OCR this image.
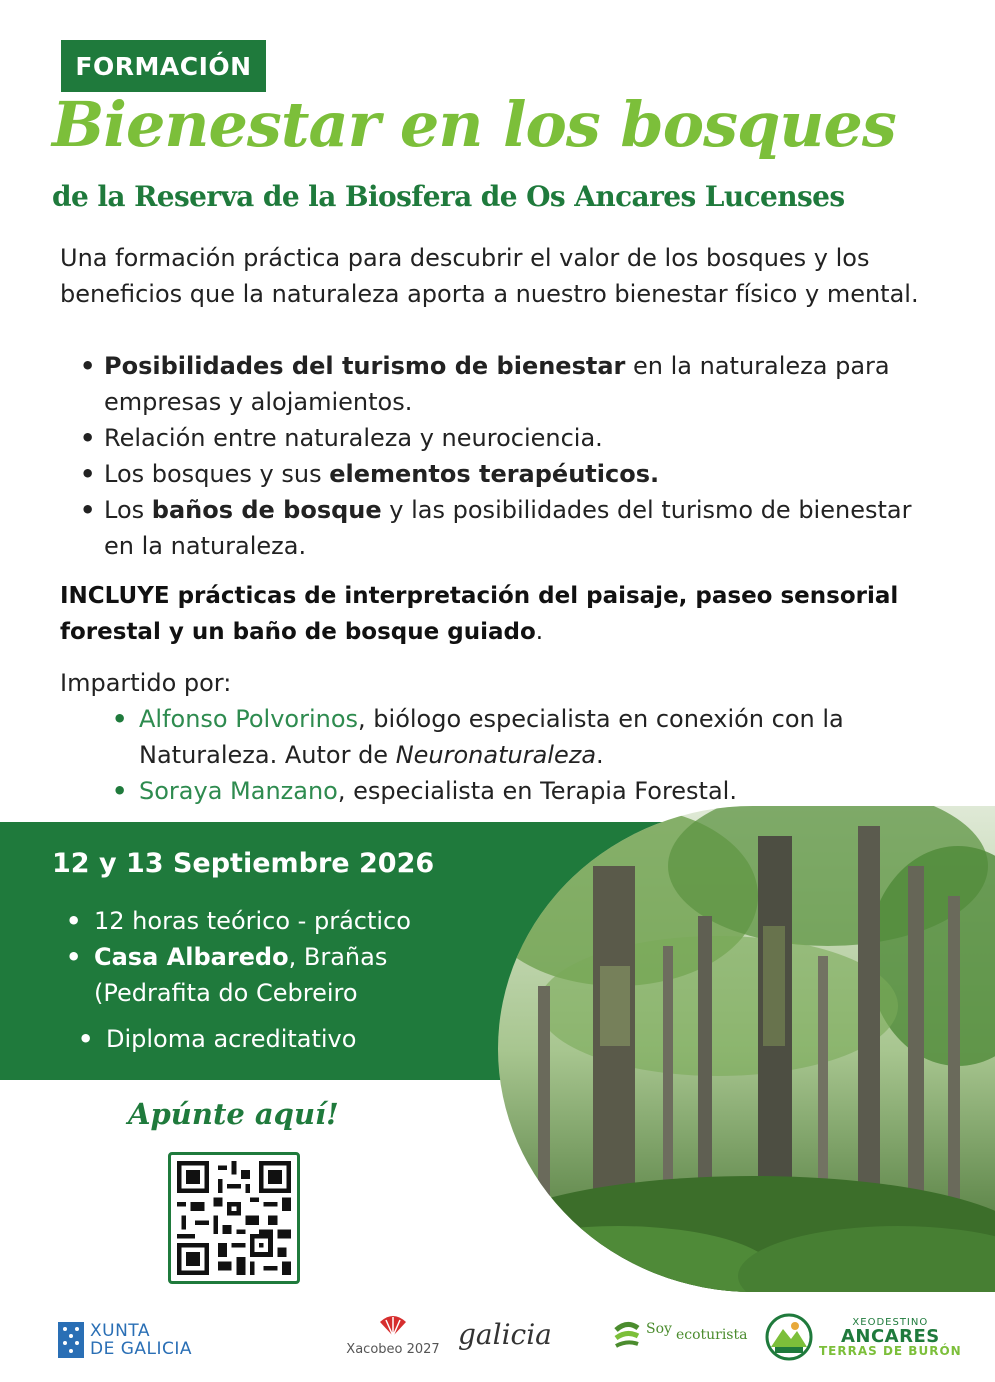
FORMACIÓN
Bienestar en los bosques
de la Reserva de la Biosfera de Os Ancares Lucenses

Una formación práctica para descubrir el valor de los bosques y los beneficios que la naturaleza aporta a nuestro bienestar físico y mental.

• Posibilidades del turismo de bienestar en la naturaleza para empresas y alojamientos.
• Relación entre naturaleza y neurociencia.
• Los bosques y sus elementos terapéuticos.
• Los baños de bosque y las posibilidades del turismo de bienestar en la naturaleza.

INCLUYE prácticas de interpretación del paisaje, paseo sensorial forestal y un baño de bosque guiado.

Impartido por:

• Alfonso Polvorinos, biólogo especialista en conexión con la Naturaleza. Autor de Neuronaturaleza.
• Soraya Manzano, especialista en Terapia Forestal.
12 y 13 Septiembre 2026
• 12 horas teórico - práctico
• Casa Albaredo, Brañas (Pedrafita do Cebreiro
• Diploma acreditativo
Apúnte aquí!
XUNTA
DE GALICIA	Xacobeo 2027 galicia	Soy ecoturista
XEODESTINO
ANCARES
TERRAS DE BURÓN
